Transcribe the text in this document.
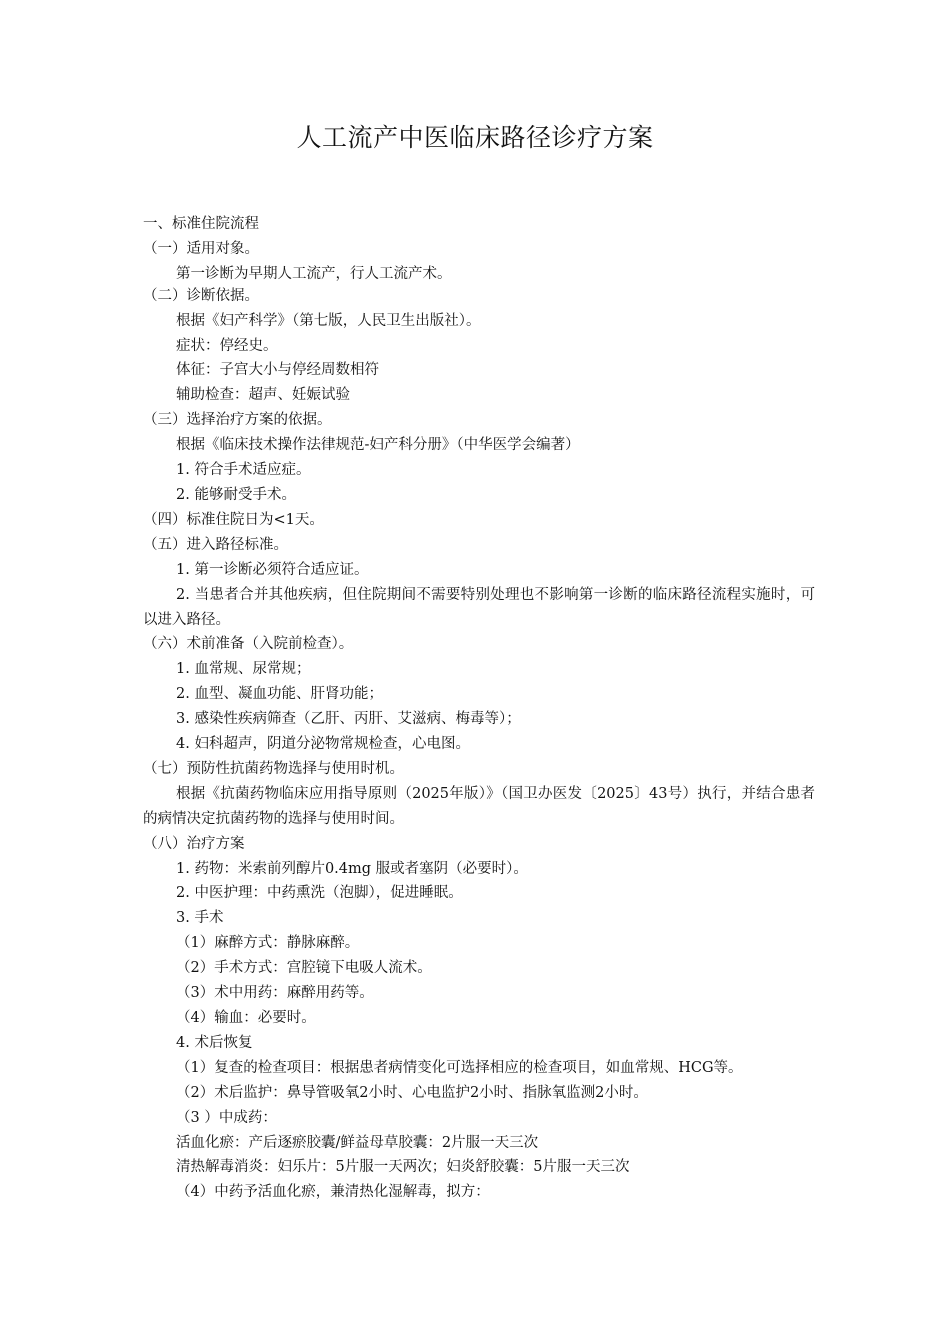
人工流产中医临床路径诊疗方案
一、标准住院流程
（一）适用对象。
第一诊断为早期人工流产，行人工流产术。
（二）诊断依据。
根据《妇产科学》（第七版，人民卫生出版社）。
症状：停经史。
体征：子宫大小与停经周数相符
辅助检查：超声、妊娠试验
（三）选择治疗方案的依据。
根据《临床技术操作法律规范-妇产科分册》（中华医学会编著）
1. 符合手术适应症。
2. 能够耐受手术。
（四）标准住院日为<1天。
（五）进入路径标准。
1. 第一诊断必须符合适应证。
2. 当患者合并其他疾病，但住院期间不需要特别处理也不影响第一诊断的临床路径流程实施时，可以进入路径。
（六）术前准备（入院前检查）。
1. 血常规、尿常规；
2. 血型、凝血功能、肝肾功能；
3. 感染性疾病筛查（乙肝、丙肝、艾滋病、梅毒等）；
4. 妇科超声，阴道分泌物常规检查，心电图。
（七）预防性抗菌药物选择与使用时机。
根据《抗菌药物临床应用指导原则（2025年版）》（国卫办医发〔2025〕43号）执行，并结合患者的病情决定抗菌药物的选择与使用时间。
（八）治疗方案
1. 药物：米索前列醇片0.4mg 服或者塞阴（必要时）。
2. 中医护理：中药熏洗（泡脚），促进睡眠。
3. 手术
（1）麻醉方式：静脉麻醉。
（2）手术方式：宫腔镜下电吸人流术。
（3）术中用药：麻醉用药等。
（4）输血：必要时。
4. 术后恢复
（1）复查的检查项目：根据患者病情变化可选择相应的检查项目，如血常规、HCG等。
（2）术后监护：鼻导管吸氧2小时、心电监护2小时、指脉氧监测2小时。
（3 ）中成药：
活血化瘀：产后逐瘀胶囊/鲜益母草胶囊：2片服一天三次
清热解毒消炎：妇乐片：5片服一天两次；妇炎舒胶囊：5片服一天三次
（4）中药予活血化瘀，兼清热化湿解毒，拟方：
